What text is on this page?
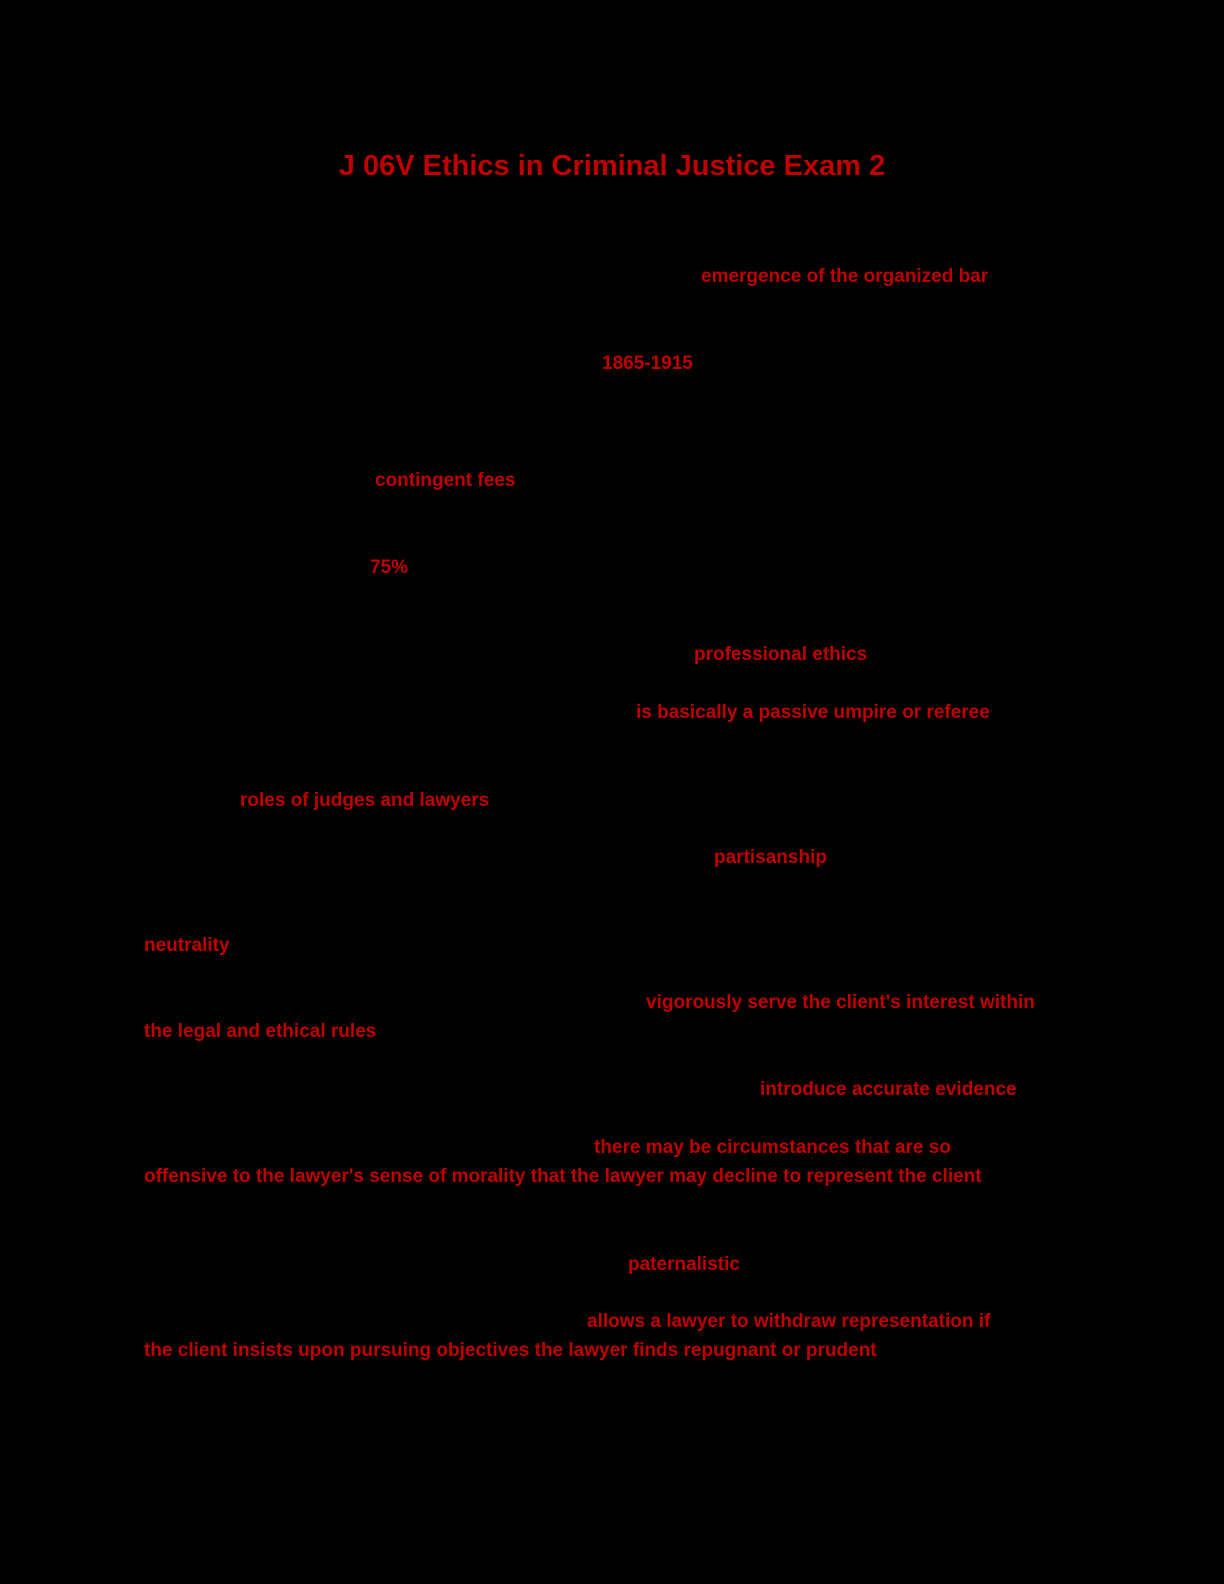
J 06V Ethics in Criminal Justice Exam 2
emergence of the organized bar
1865-1915
contingent fees
75%
professional ethics
is basically a passive umpire or referee
roles of judges and lawyers
partisanship
neutrality
vigorously serve the client's interest within
the legal and ethical rules
introduce accurate evidence
there may be circumstances that are so
offensive to the lawyer's sense of morality that the lawyer may decline to represent the client
paternalistic
allows a lawyer to withdraw representation if
the client insists upon pursuing objectives the lawyer finds repugnant or prudent
